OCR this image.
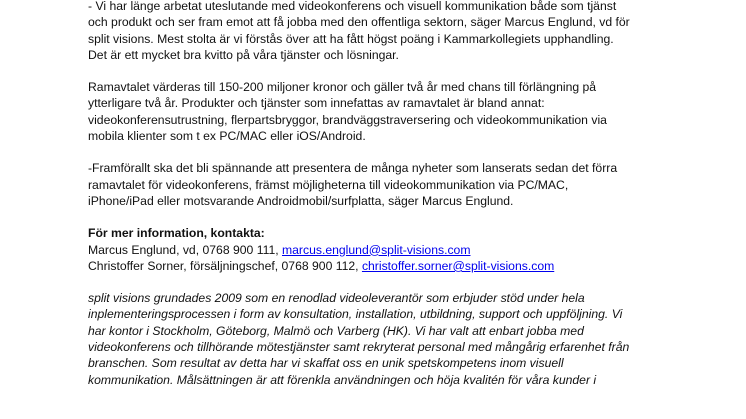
- Vi har länge arbetat uteslutande med videokonferens och visuell kommunikation både som tjänst
och produkt och ser fram emot att få jobba med den offentliga sektorn, säger Marcus Englund, vd för
split visions. Mest stolta är vi förstås över att ha fått högst poäng i Kammarkollegiets upphandling.
Det är ett mycket bra kvitto på våra tjänster och lösningar.

Ramavtalet värderas till 150-200 miljoner kronor och gäller två år med chans till förlängning på
ytterligare två år. Produkter och tjänster som innefattas av ramavtalet är bland annat:
videokonferensutrustning, flerpartsbryggor, brandväggstraversering och videokommunikation via
mobila klienter som t ex PC/MAC eller iOS/Android.

-Framförallt ska det bli spännande att presentera de många nyheter som lanserats sedan det förra
ramavtalet för videokonferens, främst möjligheterna till videokommunikation via PC/MAC,
iPhone/iPad eller motsvarande Androidmobil/surfplatta, säger Marcus Englund.

För mer information, kontakta:
Marcus Englund, vd, 0768 900 111, marcus.englund@split-visions.com
Christoffer Sorner, försäljningschef, 0768 900 112, christoffer.sorner@split-visions.com

split visions grundades 2009 som en renodlad videoleverantör som erbjuder stöd under hela
inplementeringsprocessen i form av konsultation, installation, utbildning, support och uppföljning. Vi
har kontor i Stockholm, Göteborg, Malmö och Varberg (HK). Vi har valt att enbart jobba med
videokonferens och tillhörande mötestjänster samt rekryterat personal med mångårig erfarenhet från
branschen. Som resultat av detta har vi skaffat oss en unik spetskompetens inom visuell
kommunikation. Målsättningen är att förenkla användningen och höja kvalitén för våra kunder i
